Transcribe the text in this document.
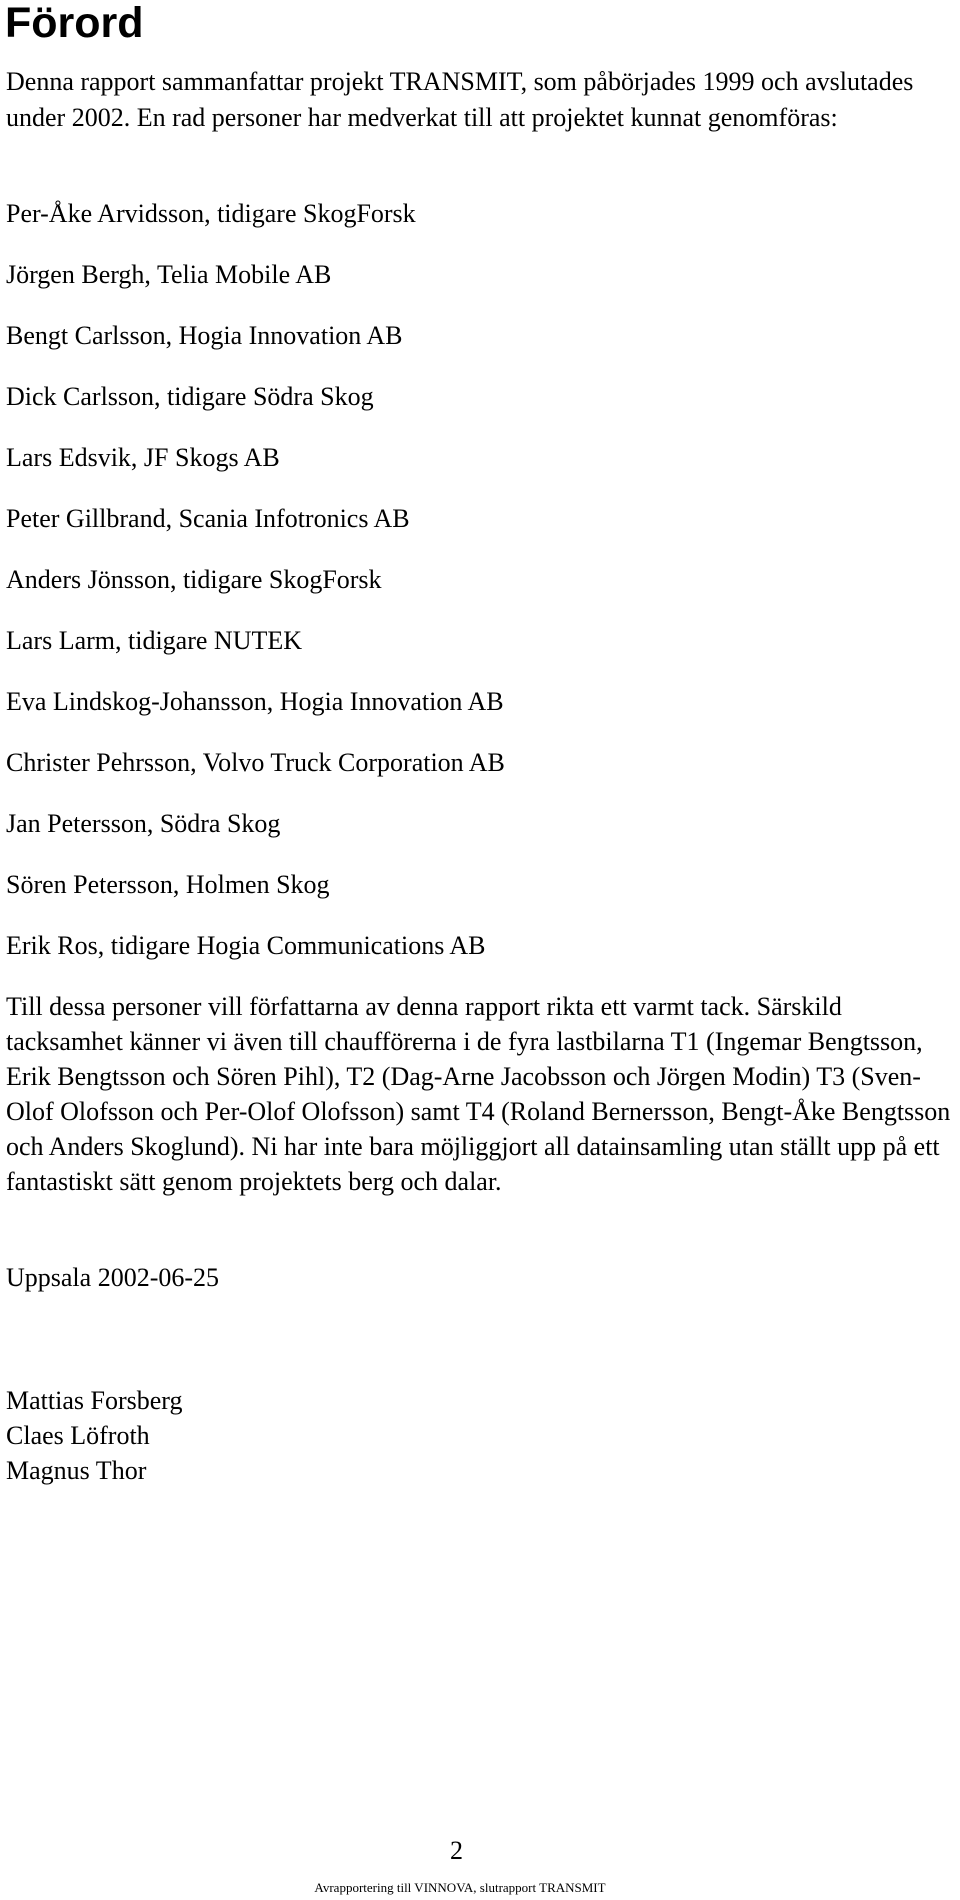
Förord

Denna rapport sammanfattar projekt TRANSMIT, som påbörjades 1999 och avslutades under 2002. En rad personer har medverkat till att projektet kunnat genomföras:

Per-Åke Arvidsson, tidigare SkogForsk
Jörgen Bergh, Telia Mobile AB
Bengt Carlsson, Hogia Innovation AB
Dick Carlsson, tidigare Södra Skog
Lars Edsvik, JF Skogs AB
Peter Gillbrand, Scania Infotronics AB
Anders Jönsson, tidigare SkogForsk
Lars Larm, tidigare NUTEK
Eva Lindskog-Johansson, Hogia Innovation AB
Christer Pehrsson, Volvo Truck Corporation AB
Jan Petersson, Södra Skog
Sören Petersson, Holmen Skog
Erik Ros, tidigare Hogia Communications AB

Till dessa personer vill författarna av denna rapport rikta ett varmt tack. Särskild tacksamhet känner vi även till chaufförerna i de fyra lastbilarna T1 (Ingemar Bengtsson, Erik Bengtsson och Sören Pihl), T2 (Dag-Arne Jacobsson och Jörgen Modin) T3 (Sven-Olof Olofsson och Per-Olof Olofsson) samt T4 (Roland Bernersson, Bengt-Åke Bengtsson och Anders Skoglund). Ni har inte bara möjliggjort all datainsamling utan ställt upp på ett fantastiskt sätt genom projektets berg och dalar.

Uppsala 2002-06-25

Mattias Forsberg
Claes Löfroth
Magnus Thor
2
Avrapportering till VINNOVA, slutrapport TRANSMIT
